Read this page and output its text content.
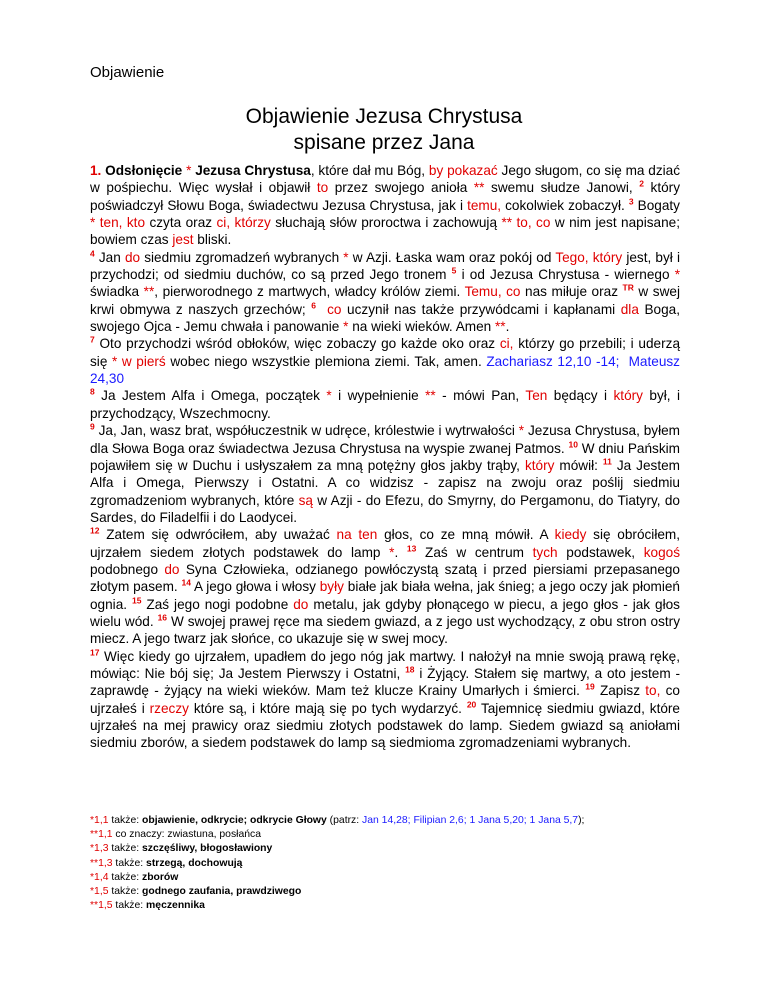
Objawienie
Objawienie Jezusa Chrystusa
spisane przez Jana

1. Odsłonięcie * Jezusa Chrystusa, które dał mu Bóg, by pokazać Jego sługom, co się ma dziać w pośpiechu. Więc wysłał i objawił to przez swojego anioła ** swemu słudze Janowi, $^2$ który poświadczył Słowu Boga, świadectwu Jezusa Chrystusa, jak i temu, cokolwiek zobaczył. $^3$ Bogaty * ten, kto czyta oraz ci, którzy słuchają słów proroctwa i zachowują ** to, co w nim jest napisane; bowiem czas jest bliski.

$^4$ Jan do siedmiu zgromadzeń wybranych * w Azji. Łaska wam oraz pokój od Tego, który jest, był i przychodzi; od siedmiu duchów, co są przed Jego tronem $^5$ i od Jezusa Chrystusa - wiernego * świadka **, pierworodnego z martwych, władcy królów ziemi. Temu, co nas miłuje oraz $^{TR}$ w swej krwi obmywa z naszych grzechów; $^6$ co uczynił nas także przywódcami i kapłanami dla Boga, swojego Ojca - Jemu chwała i panowanie * na wieki wieków. Amen **.

$^7$ Oto przychodzi wśród obłoków, więc zobaczy go każde oko oraz ci, którzy go przebili; i uderzą się * w pierś wobec niego wszystkie plemiona ziemi. Tak, amen. Zachariasz 12,10 -14; Mateusz 24,30

$^8$ Ja Jestem Alfa i Omega, początek * i wypełnienie ** - mówi Pan, Ten będący i który był, i przychodzący, Wszechmocny.

$^9$ Ja, Jan, wasz brat, współuczestnik w udręce, królestwie i wytrwałości * Jezusa Chrystusa, byłem dla Słowa Boga oraz świadectwa Jezusa Chrystusa na wyspie zwanej Patmos. $^{10}$ W dniu Pańskim pojawiłem się w Duchu i usłyszałem za mną potężny głos jakby trąby, który mówił: $^{11}$ Ja Jestem Alfa i Omega, Pierwszy i Ostatni. A co widzisz - zapisz na zwoju oraz poślij siedmiu zgromadzeniom wybranych, które są w Azji - do Efezu, do Smyrny, do Pergamonu, do Tiatyry, do Sardes, do Filadelfii i do Laodycei.

$^{12}$ Zatem się odwróciłem, aby uważać na ten głos, co ze mną mówił. A kiedy się obróciłem, ujrzałem siedem złotych podstawek do lamp *. $^{13}$ Zaś w centrum tych podstawek, kogoś podobnego do Syna Człowieka, odzianego powłóczystą szatą i przed piersiami przepasanego złotym pasem. $^{14}$ A jego głowa i włosy były białe jak biała wełna, jak śnieg; a jego oczy jak płomień ognia. $^{15}$ Zaś jego nogi podobne do metalu, jak gdyby płonącego w piecu, a jego głos - jak głos wielu wód. $^{16}$ W swojej prawej ręce ma siedem gwiazd, a z jego ust wychodzący, z obu stron ostry miecz. A jego twarz jak słońce, co ukazuje się w swej mocy.

$^{17}$ Więc kiedy go ujrzałem, upadłem do jego nóg jak martwy. I nałożył na mnie swoją prawą rękę, mówiąc: Nie bój się; Ja Jestem Pierwszy i Ostatni, $^{18}$ i Żyjący. Stałem się martwy, a oto jestem - zaprawdę - żyjący na wieki wieków. Mam też klucze Krainy Umarłych i śmierci. $^{19}$ Zapisz to, co ujrzałeś i rzeczy które są, i które mają się po tych wydarzyć. $^{20}$ Tajemnicę siedmiu gwiazd, które ujrzałeś na mej prawicy oraz siedmiu złotych podstawek do lamp. Siedem gwiazd są aniołami siedmiu zborów, a siedem podstawek do lamp są siedmioma zgromadzeniami wybranych.

*1,1 także: objawienie, odkrycie; odkrycie Głowy (patrz: Jan 14,28; Filipian 2,6; 1 Jana 5,20; 1 Jana 5,7);

**1,1 co znaczy: zwiastuna, posłańca

*1,3 także: szczęśliwy, błogosławiony

**1,3 także: strzegą, dochowują

*1,4 także: zborów

*1,5 także: godnego zaufania, prawdziwego

**1,5 także: męczennika
